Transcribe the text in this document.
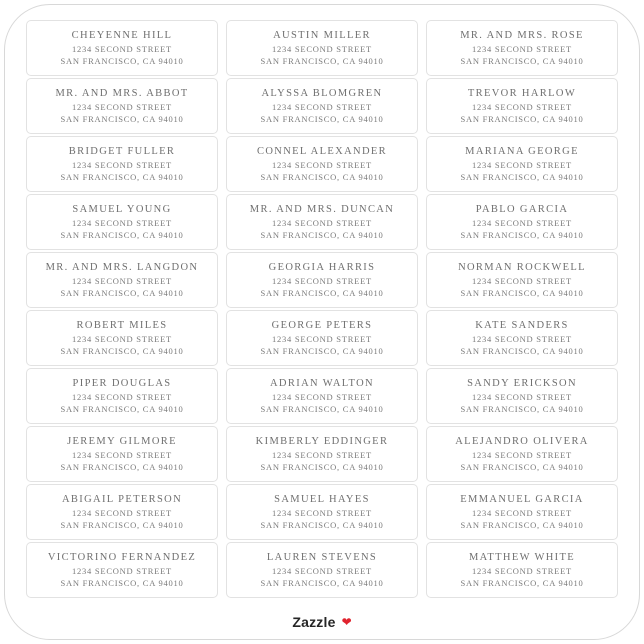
CHEYENNE HILL
1234 SECOND STREET
SAN FRANCISCO, CA 94010
AUSTIN MILLER
1234 SECOND STREET
SAN FRANCISCO, CA 94010
MR. AND MRS. ROSE
1234 SECOND STREET
SAN FRANCISCO, CA 94010
MR. AND MRS. ABBOT
1234 SECOND STREET
SAN FRANCISCO, CA 94010
ALYSSA BLOMGREN
1234 SECOND STREET
SAN FRANCISCO, CA 94010
TREVOR HARLOW
1234 SECOND STREET
SAN FRANCISCO, CA 94010
BRIDGET FULLER
1234 SECOND STREET
SAN FRANCISCO, CA 94010
CONNEL ALEXANDER
1234 SECOND STREET
SAN FRANCISCO, CA 94010
MARIANA GEORGE
1234 SECOND STREET
SAN FRANCISCO, CA 94010
SAMUEL YOUNG
1234 SECOND STREET
SAN FRANCISCO, CA 94010
MR. AND MRS. DUNCAN
1234 SECOND STREET
SAN FRANCISCO, CA 94010
PABLO GARCIA
1234 SECOND STREET
SAN FRANCISCO, CA 94010
MR. AND MRS. LANGDON
1234 SECOND STREET
SAN FRANCISCO, CA 94010
GEORGIA HARRIS
1234 SECOND STREET
SAN FRANCISCO, CA 94010
NORMAN ROCKWELL
1234 SECOND STREET
SAN FRANCISCO, CA 94010
ROBERT MILES
1234 SECOND STREET
SAN FRANCISCO, CA 94010
GEORGE PETERS
1234 SECOND STREET
SAN FRANCISCO, CA 94010
KATE SANDERS
1234 SECOND STREET
SAN FRANCISCO, CA 94010
PIPER DOUGLAS
1234 SECOND STREET
SAN FRANCISCO, CA 94010
ADRIAN WALTON
1234 SECOND STREET
SAN FRANCISCO, CA 94010
SANDY ERICKSON
1234 SECOND STREET
SAN FRANCISCO, CA 94010
JEREMY GILMORE
1234 SECOND STREET
SAN FRANCISCO, CA 94010
KIMBERLY EDDINGER
1234 SECOND STREET
SAN FRANCISCO, CA 94010
ALEJANDRO OLIVERA
1234 SECOND STREET
SAN FRANCISCO, CA 94010
ABIGAIL PETERSON
1234 SECOND STREET
SAN FRANCISCO, CA 94010
SAMUEL HAYES
1234 SECOND STREET
SAN FRANCISCO, CA 94010
EMMANUEL GARCIA
1234 SECOND STREET
SAN FRANCISCO, CA 94010
VICTORINO FERNANDEZ
1234 SECOND STREET
SAN FRANCISCO, CA 94010
LAUREN STEVENS
1234 SECOND STREET
SAN FRANCISCO, CA 94010
MATTHEW WHITE
1234 SECOND STREET
SAN FRANCISCO, CA 94010
Zazzle ❤
